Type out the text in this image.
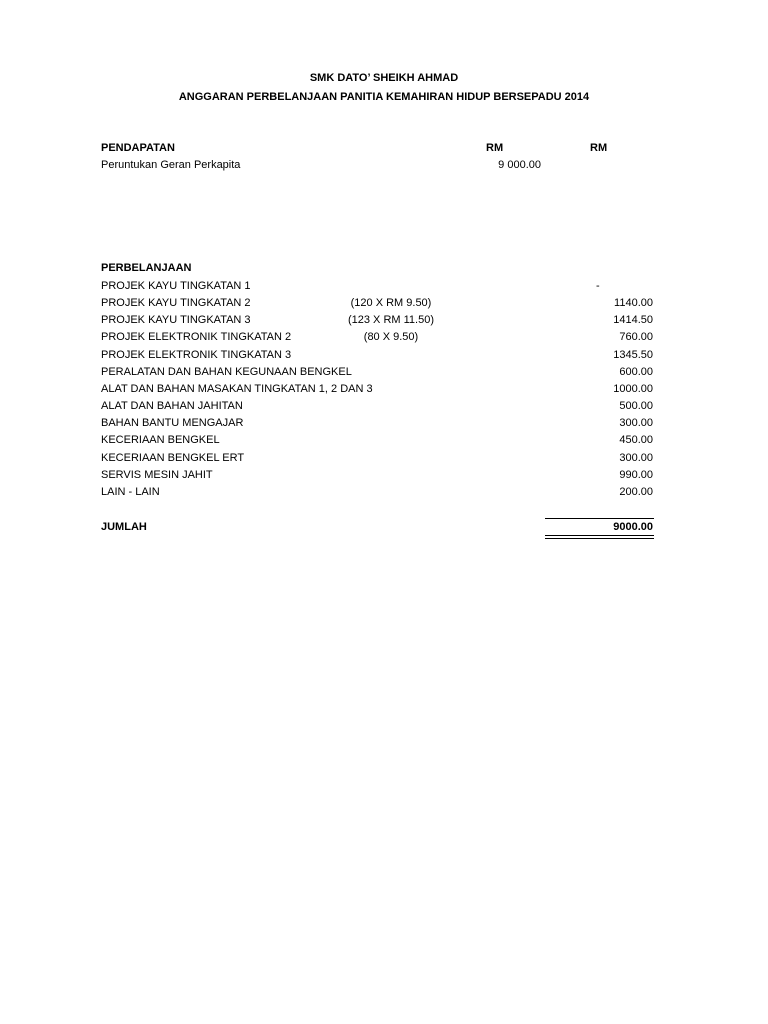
SMK DATO’ SHEIKH AHMAD
ANGGARAN PERBELANJAAN PANITIA KEMAHIRAN HIDUP BERSEPADU 2014
PENDAPATAN	RM	RM
Peruntukan Geran Perkapita	9 000.00
PERBELANJAAN
PROJEK KAYU TINGKATAN 1	-
PROJEK KAYU TINGKATAN 2	(120 X RM 9.50)	1140.00
PROJEK KAYU TINGKATAN 3	(123 X RM 11.50)	1414.50
PROJEK ELEKTRONIK TINGKATAN 2	(80 X 9.50)	760.00
PROJEK ELEKTRONIK TINGKATAN 3	1345.50
PERALATAN DAN BAHAN KEGUNAAN BENGKEL	600.00
ALAT DAN BAHAN MASAKAN TINGKATAN 1, 2 DAN 3	1000.00
ALAT DAN BAHAN JAHITAN	500.00
BAHAN BANTU MENGAJAR	300.00
KECERIAAN BENGKEL	450.00
KECERIAAN BENGKEL ERT	300.00
SERVIS MESIN JAHIT	990.00
LAIN - LAIN	200.00
JUMLAH	9000.00
